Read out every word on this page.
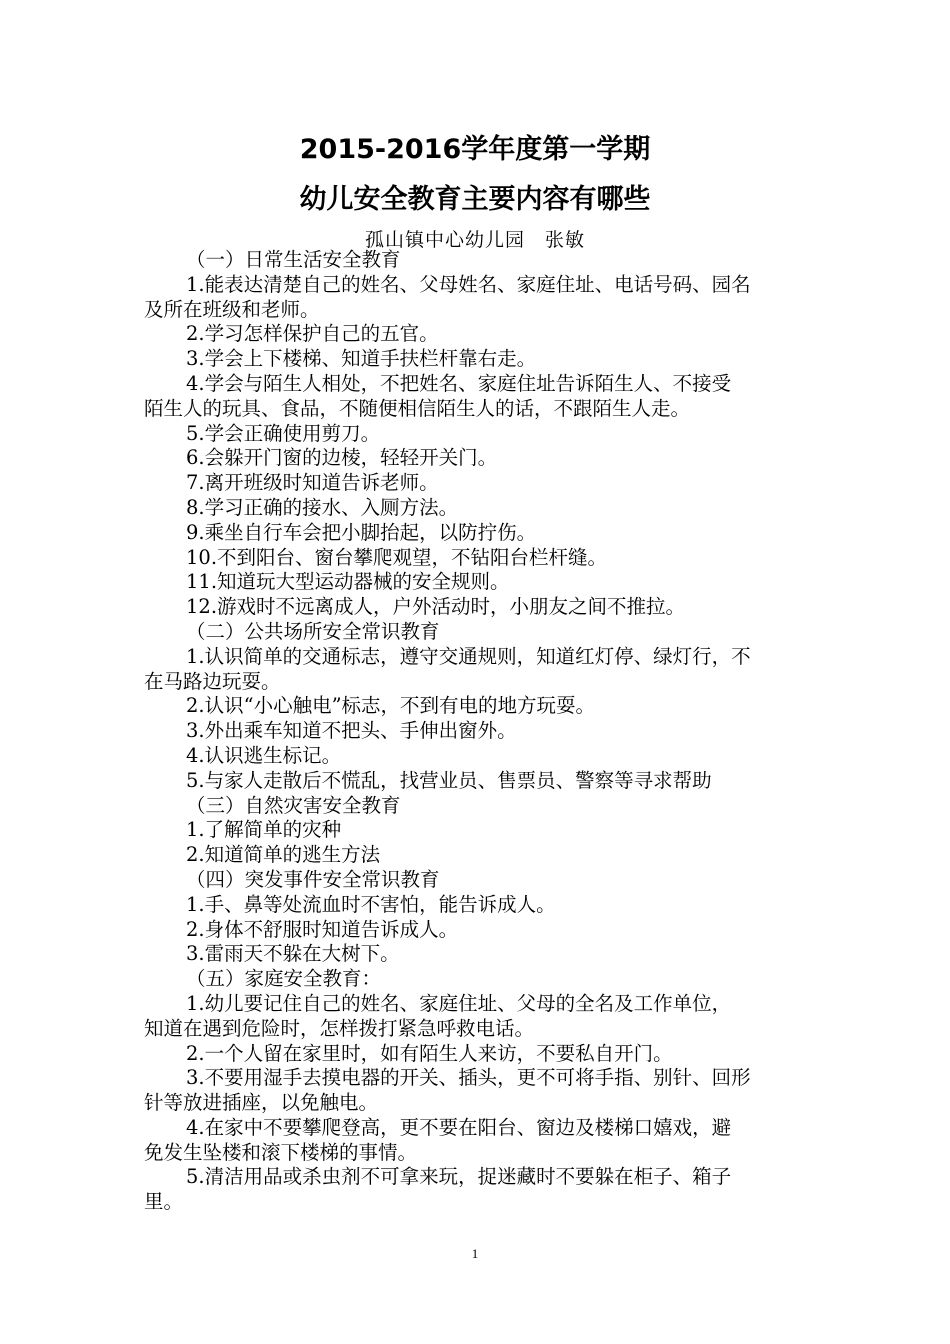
2015-2016学年度第一学期
幼儿安全教育主要内容有哪些
孤山镇中心幼儿园　张敏
（一）日常生活安全教育
1.能表达清楚自己的姓名、父母姓名、家庭住址、电话号码、园名
及所在班级和老师。
2.学习怎样保护自己的五官。
3.学会上下楼梯、知道手扶栏杆靠右走。
4.学会与陌生人相处，不把姓名、家庭住址告诉陌生人、不接受
陌生人的玩具、食品，不随便相信陌生人的话，不跟陌生人走。
5.学会正确使用剪刀。
6.会躲开门窗的边棱，轻轻开关门。
7.离开班级时知道告诉老师。
8.学习正确的接水、入厕方法。
9.乘坐自行车会把小脚抬起，以防拧伤。
10.不到阳台、窗台攀爬观望，不钻阳台栏杆缝。
11.知道玩大型运动器械的安全规则。
12.游戏时不远离成人，户外活动时，小朋友之间不推拉。
（二）公共场所安全常识教育
1.认识简单的交通标志，遵守交通规则，知道红灯停、绿灯行，不
在马路边玩耍。
2.认识“小心触电”标志，不到有电的地方玩耍。
3.外出乘车知道不把头、手伸出窗外。
4.认识逃生标记。
5.与家人走散后不慌乱，找营业员、售票员、警察等寻求帮助
（三）自然灾害安全教育
1.了解简单的灾种
2.知道简单的逃生方法
（四）突发事件安全常识教育
1.手、鼻等处流血时不害怕，能告诉成人。
2.身体不舒服时知道告诉成人。
3.雷雨天不躲在大树下。
（五）家庭安全教育：
1.幼儿要记住自己的姓名、家庭住址、父母的全名及工作单位，
知道在遇到危险时，怎样拨打紧急呼救电话。
2.一个人留在家里时，如有陌生人来访，不要私自开门。
3.不要用湿手去摸电器的开关、插头，更不可将手指、别针、回形
针等放进插座，以免触电。
4.在家中不要攀爬登高，更不要在阳台、窗边及楼梯口嬉戏，避
免发生坠楼和滚下楼梯的事情。
5.清洁用品或杀虫剂不可拿来玩，捉迷藏时不要躲在柜子、箱子
里。
1
